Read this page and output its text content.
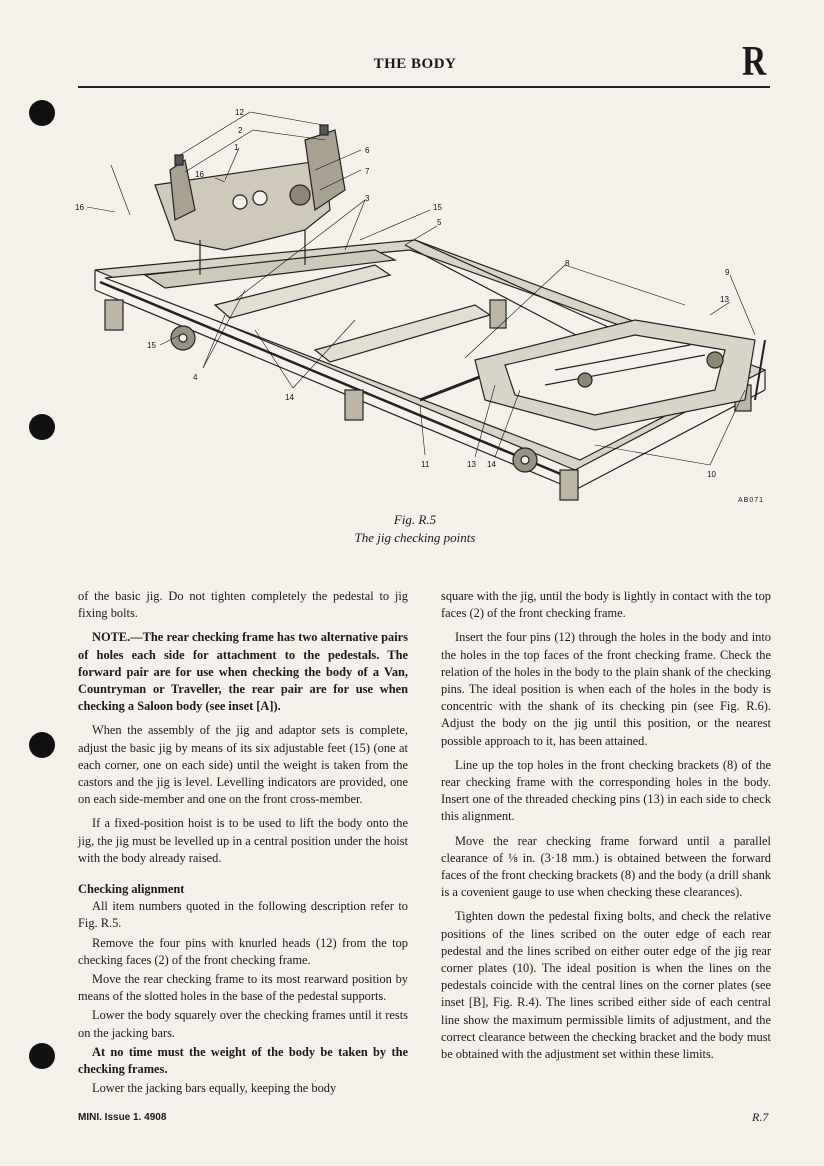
THE BODY	R
12
2
1
16
6
7
16
3
15
5
8
9
13
15
4
14
11	13 14
10
AB071
Fig. R.5
The jig checking points

of the basic jig. Do not tighten completely the pedestal to jig fixing bolts.

NOTE.—The rear checking frame has two alternative pairs of holes each side for attachment to the pedestals. The forward pair are for use when checking the body of a Van, Countryman or Traveller, the rear pair are for use when checking a Saloon body (see inset [A]).

When the assembly of the jig and adaptor sets is complete, adjust the basic jig by means of its six adjustable feet (15) (one at each corner, one on each side) until the weight is taken from the castors and the jig is level. Levelling indicators are provided, one on each side-member and one on the front cross-member.

If a fixed-position hoist is to be used to lift the body onto the jig, the jig must be levelled up in a central position under the hoist with the body already raised.

Checking alignment

All item numbers quoted in the following description refer to Fig. R.5.

Remove the four pins with knurled heads (12) from the top checking faces (2) of the front checking frame.

Move the rear checking frame to its most rearward position by means of the slotted holes in the base of the pedestal supports.

Lower the body squarely over the checking frames until it rests on the jacking bars.

At no time must the weight of the body be taken by the checking frames.

Lower the jacking bars equally, keeping the body

square with the jig, until the body is lightly in contact with the top faces (2) of the front checking frame.

Insert the four pins (12) through the holes in the body and into the holes in the top faces of the front checking frame. Check the relation of the holes in the body to the plain shank of the checking pins. The ideal position is when each of the holes in the body is concentric with the shank of its checking pin (see Fig. R.6). Adjust the body on the jig until this position, or the nearest possible approach to it, has been attained.

Line up the top holes in the front checking brackets (8) of the rear checking frame with the corresponding holes in the body. Insert one of the threaded checking pins (13) in each side to check this alignment.

Move the rear checking frame forward until a parallel clearance of ⅛ in. (3·18 mm.) is obtained between the forward faces of the front checking brackets (8) and the body (a drill shank is a covenient gauge to use when checking these clearances).

Tighten down the pedestal fixing bolts, and check the relative positions of the lines scribed on the outer edge of each rear pedestal and the lines scribed on either outer edge of the jig rear corner plates (10). The ideal position is when the lines on the pedestals coincide with the central lines on the corner plates (see inset [B], Fig. R.4). The lines scribed either side of each central line show the maximum permissible limits of adjustment, and the correct clearance between the checking bracket and the body must be obtained with the adjustment set within these limits.

MINI. Issue 1. 4908	R.7
